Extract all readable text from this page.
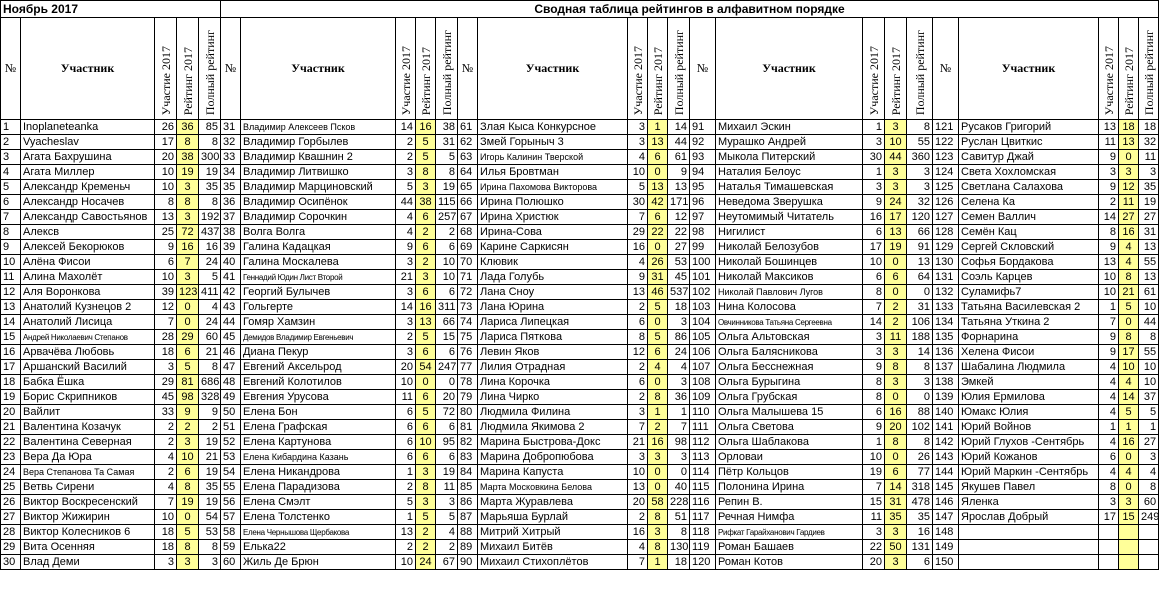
Ноябрь 2017					Сводная таблица рейтингов в алфавитном порядке																			
№	Участник	Участие 2017	Рейтинг 2017	Полный рейтинг	№	Участник	Участие 2017	Рейтинг 2017	Полный рейтинг	№	Участник	Участие 2017	Рейтинг 2017	Полный рейтинг	№	Участник	Участие 2017	Рейтинг 2017	Полный рейтинг	№	Участник	Участие 2017	Рейтинг 2017	Полный рейтинг
1	Inoplaneteanka	26	36	85	31	Владимир Алексеев Псков	14	16	38	61	Злая Кыса Конкурсное	3	1	14	91	Михаил Эскин	1	3	8	121	Русаков Григорий	13	18	18
2	Vyacheslav	17	8	8	32	Владимир Горбылев	2	5	31	62	Змей Горыныч 3	3	13	44	92	Мурашко Андрей	3	10	55	122	Руслан Цвиткис	11	13	32
3	Агата Бахрушина	20	38	300	33	Владимир Квашнин 2	2	5	5	63	Игорь Калинин Тверской	4	6	61	93	Мыкола Питерский	30	44	360	123	Савитур Джай	9	0	11
4	Агата Миллер	10	19	19	34	Владимир Литвишко	3	8	8	64	Илья Бровтман	10	0	9	94	Наталия Белоус	1	3	3	124	Света Хохломская	3	3	3
5	Александр Кременьч	10	3	35	35	Владимир Марциновский	5	3	19	65	Ирина Пахомова Викторова	5	13	13	95	Наталья Тимашевская	3	3	3	125	Светлана Салахова	9	12	35
6	Александр Носачев	8	8	8	36	Владимир Осипёнок	44	38	115	66	Ирина Полюшко	30	42	171	96	Неведома Зверушка	9	24	32	126	Селена Ка	2	11	19
7	Александр Савостьянов	13	3	192	37	Владимир Сорочкин	4	6	257	67	Ирина Христюк	7	6	12	97	Неутомимый Читатель	16	17	120	127	Семен Валлич	14	27	27
8	Алексв	25	72	437	38	Волга Волга	4	2	2	68	Ирина-Сова	29	22	22	98	Нигилист	6	13	66	128	Семён Кац	8	16	31
9	Алексей Бекорюков	9	16	16	39	Галина Кадацкая	9	6	6	69	Карине Саркисян	16	0	27	99	Николай Белозубов	17	19	91	129	Сергей Скловский	9	4	13
10	Алёна Фисои	6	7	24	40	Галина Москалева	3	2	10	70	Клювик	4	26	53	100	Николай Бошинцев	10	0	13	130	Софья Бордакова	13	4	55
11	Алина Махолёт	10	3	5	41	Геннадий Юдин Лист Второй	21	3	10	71	Лада Голубь	9	31	45	101	Николай Максиков	6	6	64	131	Соэль Карцев	10	8	13
12	Аля Воронкова	39	123	411	42	Георгий Булычев	3	6	6	72	Лана Сноу	13	46	537	102	Николай Павлович Лугов	8	0	0	132	Суламифь7	10	21	61
13	Анатолий Кузнецов 2	12	0	4	43	Гольгерте	14	16	311	73	Лана Юрина	2	5	18	103	Нина Колосова	7	2	31	133	Татьяна Василевская 2	1	5	10
14	Анатолий Лисица	7	0	24	44	Гомяр Хамзин	3	13	66	74	Лариса Липецкая	6	0	3	104	Овчинникова Татьяна Сергеевна	14	2	106	134	Татьяна Уткина 2	7	0	44
15	Андрей Николаевич Степанов	28	29	60	45	Демидов Владимир Евгеньевич	2	5	15	75	Лариса Пяткова	8	5	86	105	Ольга Альтовская	3	11	188	135	Форнарина	9	8	8
16	Арвачёва Любовь	18	6	21	46	Диана Пекур	3	6	6	76	Левин Яков	12	6	24	106	Ольга Балясникова	3	3	14	136	Хелена Фисои	9	17	55
17	Аршанский Василий	3	5	8	47	Евгений Аксельрод	20	54	247	77	Лилия Отрадная	2	4	4	107	Ольга Бесснежная	9	8	8	137	Шабалина Людмила	4	10	10
18	Бабка Ёшка	29	81	686	48	Евгений Колотилов	10	0	0	78	Лина Корочка	6	0	3	108	Ольга Бурыгина	8	3	3	138	Эмкей	4	4	10
19	Борис Скрипников	45	98	328	49	Евгения Урусова	11	6	20	79	Лина Чирко	2	8	36	109	Ольга Грубская	8	0	0	139	Юлия Ермилова	4	14	37
20	Вайлит	33	9	9	50	Елена Бон	6	5	72	80	Людмила Филина	3	1	1	110	Ольга Малышева 15	6	16	88	140	Юмакс Юлия	4	5	5
21	Валентина Козачук	2	2	2	51	Елена Графская	6	6	6	81	Людмила Якимова 2	7	2	7	111	Ольга Светова	9	20	102	141	Юрий Войнов	1	1	1
22	Валентина Северная	2	3	19	52	Елена Картунова	6	10	95	82	Марина Быстрова-Докс	21	16	98	112	Ольга Шаблакова	1	8	8	142	Юрий Глухов -Сентябрь	4	16	27
23	Вера Да Юра	4	10	21	53	Елена Кибардина Казань	6	6	6	83	Марина Добропюбова	3	3	3	113	Орловаи	10	0	26	143	Юрий Кожанов	6	0	3
24	Вера Степанова Та Самая	2	6	19	54	Елена Никандрова	1	3	19	84	Марина Капуста	10	0	0	114	Пётр Кольцов	19	6	77	144	Юрий Маркин -Сентябрь	4	4	4
25	Ветвь Сирени	4	8	35	55	Елена Парадизова	2	8	11	85	Марта Московкина Белова	13	0	40	115	Полонина Ирина	7	14	318	145	Якушев Павел	8	0	8
26	Виктор Воскресенский	7	19	19	56	Елена Смэлт	5	3	3	86	Марта Журавлева	20	58	228	116	Репин В.	15	31	478	146	Яленка	3	3	60
27	Виктор Жижирин	10	0	54	57	Елена Толстенко	1	5	5	87	Марьяша Бурлай	2	8	51	117	Речная Нимфа	11	35	35	147	Ярослав Добрый	17	15	249
28	Виктор Колесников 6	18	5	53	58	Елена Чернышова Щербакова	13	2	4	88	Митрий Хитрый	16	3	8	118	Рифкат Гарайханович Гардиев	3	3	16	148				
29	Вита Осенняя	18	8	8	59	Елька22	2	2	2	89	Михаил Битёв	4	8	130	119	Роман Башаев	22	50	131	149				
30	Влад Деми	3	3	3	60	Жиль Де Брюн	10	24	67	90	Михаил Стихоплётов	7	1	18	120	Роман Котов	20	3	6	150				
